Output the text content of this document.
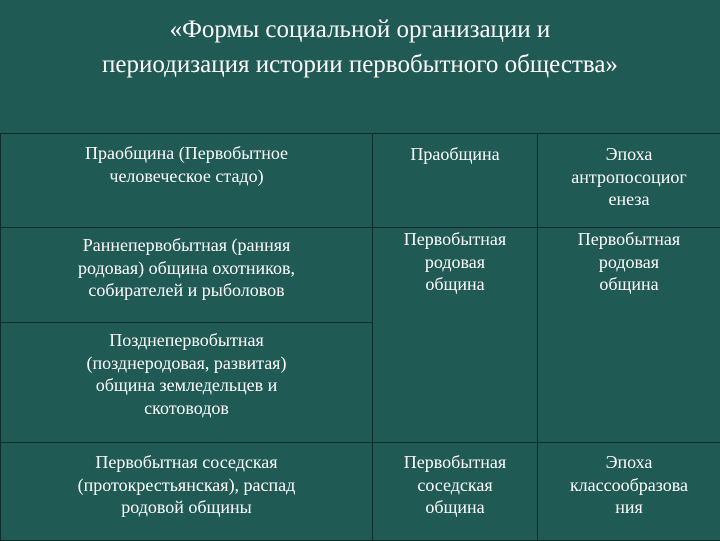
«Формы социальной организации и
периодизация истории первобытного общества»
Праобщина (Первобытное
человеческое стадо)	Праобщина	Эпоха
антропосоциог
енеза

Раннепервобытная (ранняя
родовая) община охотников,
собирателей и рыболовов	Первобытная
родовая
община	Первобытная
родовая
община

Позднепервобытная
(позднеродовая, развитая)
община земледельцев и
скотоводов		

Первобытная соседская
(протокрестьянская), распад
родовой общины	Первобытная
соседская
община	Эпоха
классообразова
ния
